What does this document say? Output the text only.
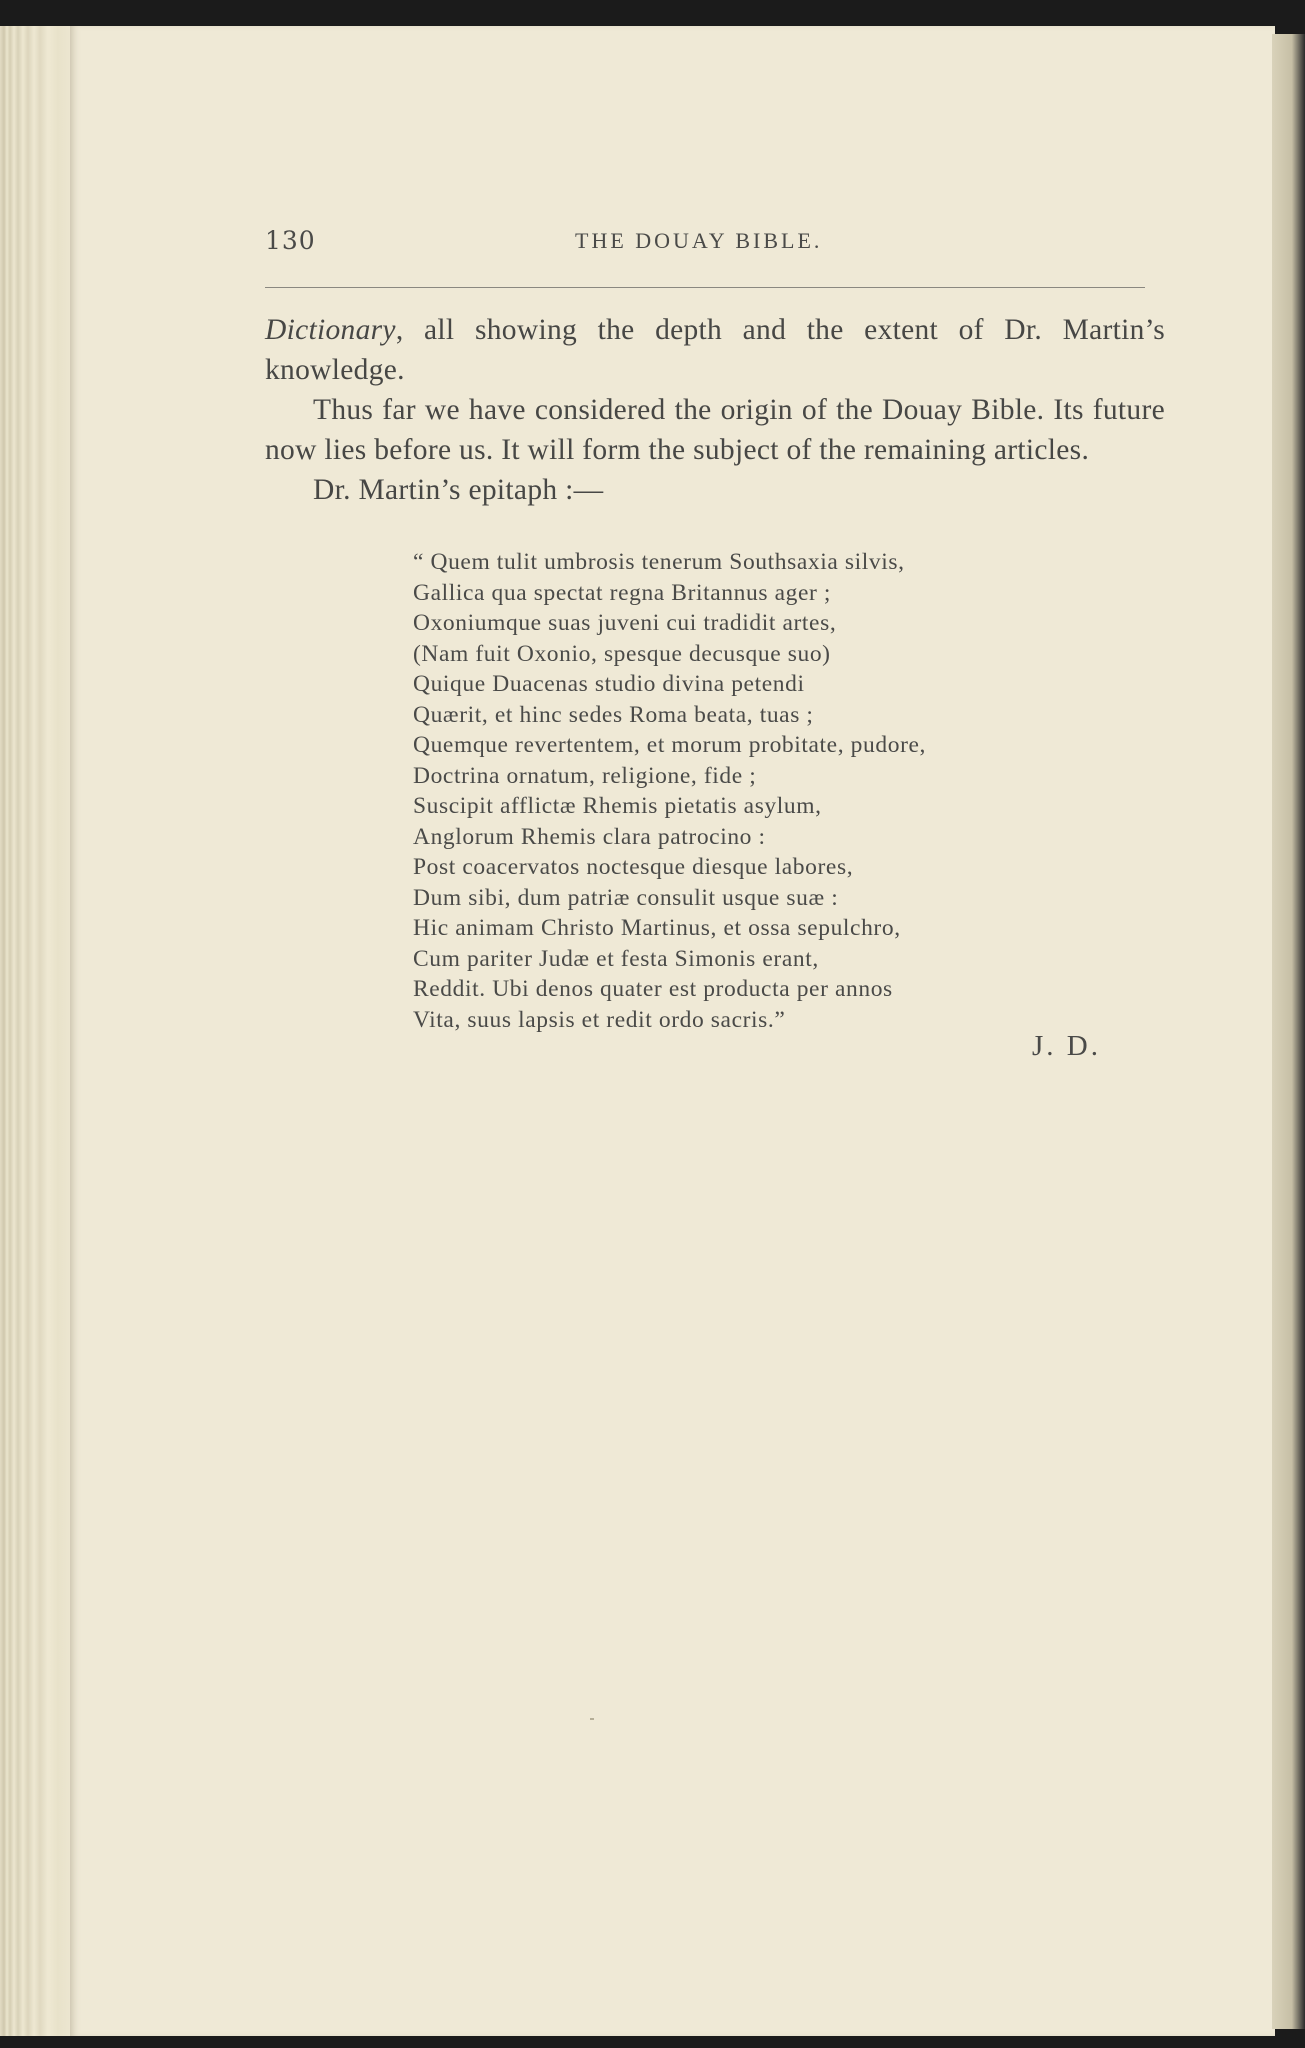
130	THE DOUAY BIBLE.

Dictionary, all showing the depth and the extent of Dr. Martin’s knowledge.

Thus far we have considered the origin of the Douay Bible. Its future now lies before us. It will form the subject of the remaining articles.

Dr. Martin’s epitaph :—

“ Quem tulit umbrosis tenerum Southsaxia silvis,
Gallica qua spectat regna Britannus ager ;
Oxoniumque suas juveni cui tradidit artes,
(Nam fuit Oxonio, spesque decusque suo)
Quique Duacenas studio divina petendi
Quærit, et hinc sedes Roma beata, tuas ;
Quemque revertentem, et morum probitate, pudore,
Doctrina ornatum, religione, fide ;
Suscipit afflictæ Rhemis pietatis asylum,
Anglorum Rhemis clara patrocino :
Post coacervatos noctesque diesque labores,
Dum sibi, dum patriæ consulit usque suæ :
Hic animam Christo Martinus, et ossa sepulchro,
Cum pariter Judæ et festa Simonis erant,
Reddit. Ubi denos quater est producta per annos
Vita, suus lapsis et redit ordo sacris.”
J. D.
